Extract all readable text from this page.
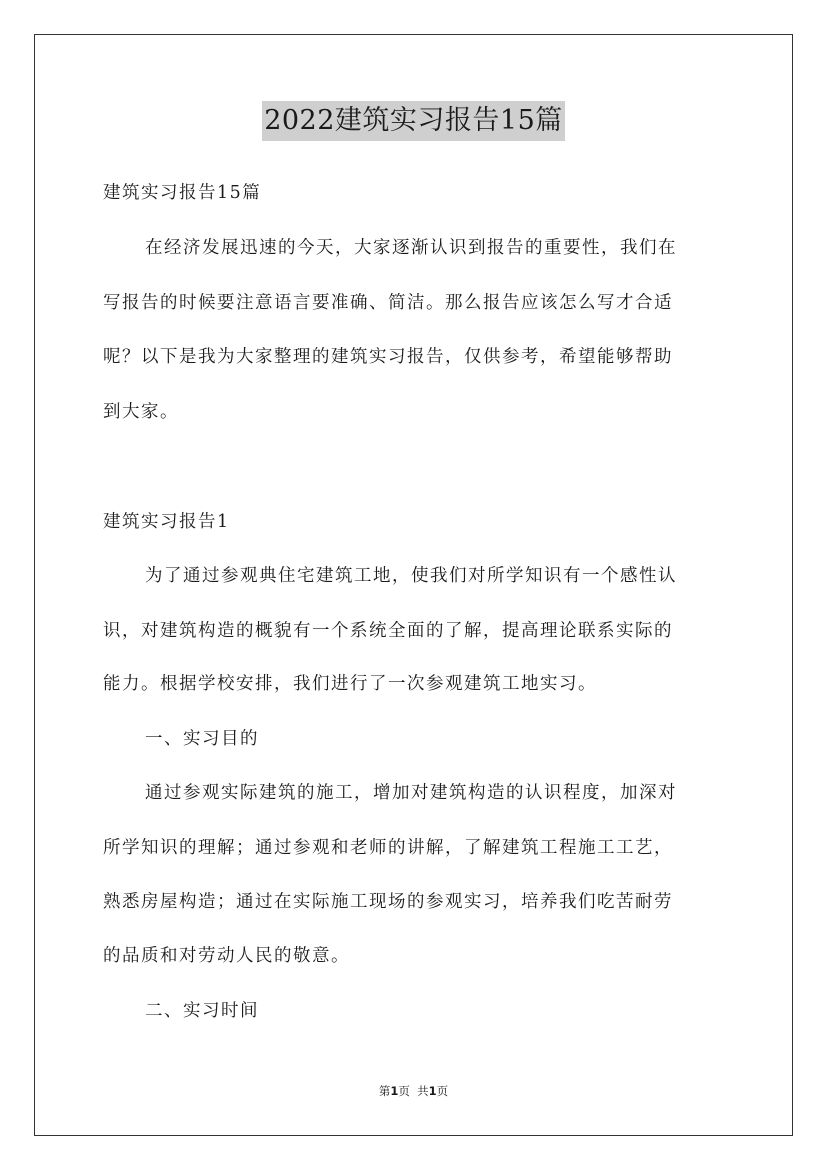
2022建筑实习报告15篇
建筑实习报告15篇
在经济发展迅速的今天，大家逐渐认识到报告的重要性，我们在
写报告的时候要注意语言要准确、简洁。那么报告应该怎么写才合适
呢？以下是我为大家整理的建筑实习报告，仅供参考，希望能够帮助
到大家。
建筑实习报告1
为了通过参观典住宅建筑工地，使我们对所学知识有一个感性认
识，对建筑构造的概貌有一个系统全面的了解，提高理论联系实际的
能力。根据学校安排，我们进行了一次参观建筑工地实习。
一、实习目的
通过参观实际建筑的施工，增加对建筑构造的认识程度，加深对
所学知识的理解；通过参观和老师的讲解，了解建筑工程施工工艺，
熟悉房屋构造；通过在实际施工现场的参观实习，培养我们吃苦耐劳
的品质和对劳动人民的敬意。
二、实习时间
第1页 共1页
